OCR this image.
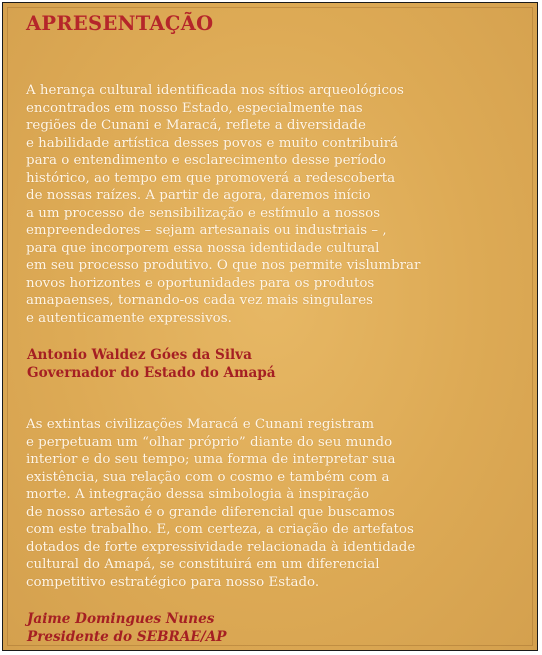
APRESENTAÇÃO

A herança cultural identificada nos sítios arqueológicos
encontrados em nosso Estado, especialmente nas
regiões de Cunani e Maracá, reflete a diversidade
e habilidade artística desses povos e muito contribuirá
para o entendimento e esclarecimento desse período
histórico, ao tempo em que promoverá a redescoberta
de nossas raízes. A partir de agora, daremos início
a um processo de sensibilização e estímulo a nossos
empreendedores – sejam artesanais ou industriais – ,
para que incorporem essa nossa identidade cultural
em seu processo produtivo. O que nos permite vislumbrar
novos horizontes e oportunidades para os produtos
amapaenses, tornando-os cada vez mais singulares
e autenticamente expressivos.

Antonio Waldez Góes da Silva
Governador do Estado do Amapá

As extintas civilizações Maracá e Cunani registram
e perpetuam um “olhar próprio” diante do seu mundo
interior e do seu tempo; uma forma de interpretar sua
existência, sua relação com o cosmo e também com a
morte. A integração dessa simbologia à inspiração
de nosso artesão é o grande diferencial que buscamos
com este trabalho. E, com certeza, a criação de artefatos
dotados de forte expressividade relacionada à identidade
cultural do Amapá, se constituirá em um diferencial
competitivo estratégico para nosso Estado.

Jaime Domingues Nunes
Presidente do SEBRAE/AP
